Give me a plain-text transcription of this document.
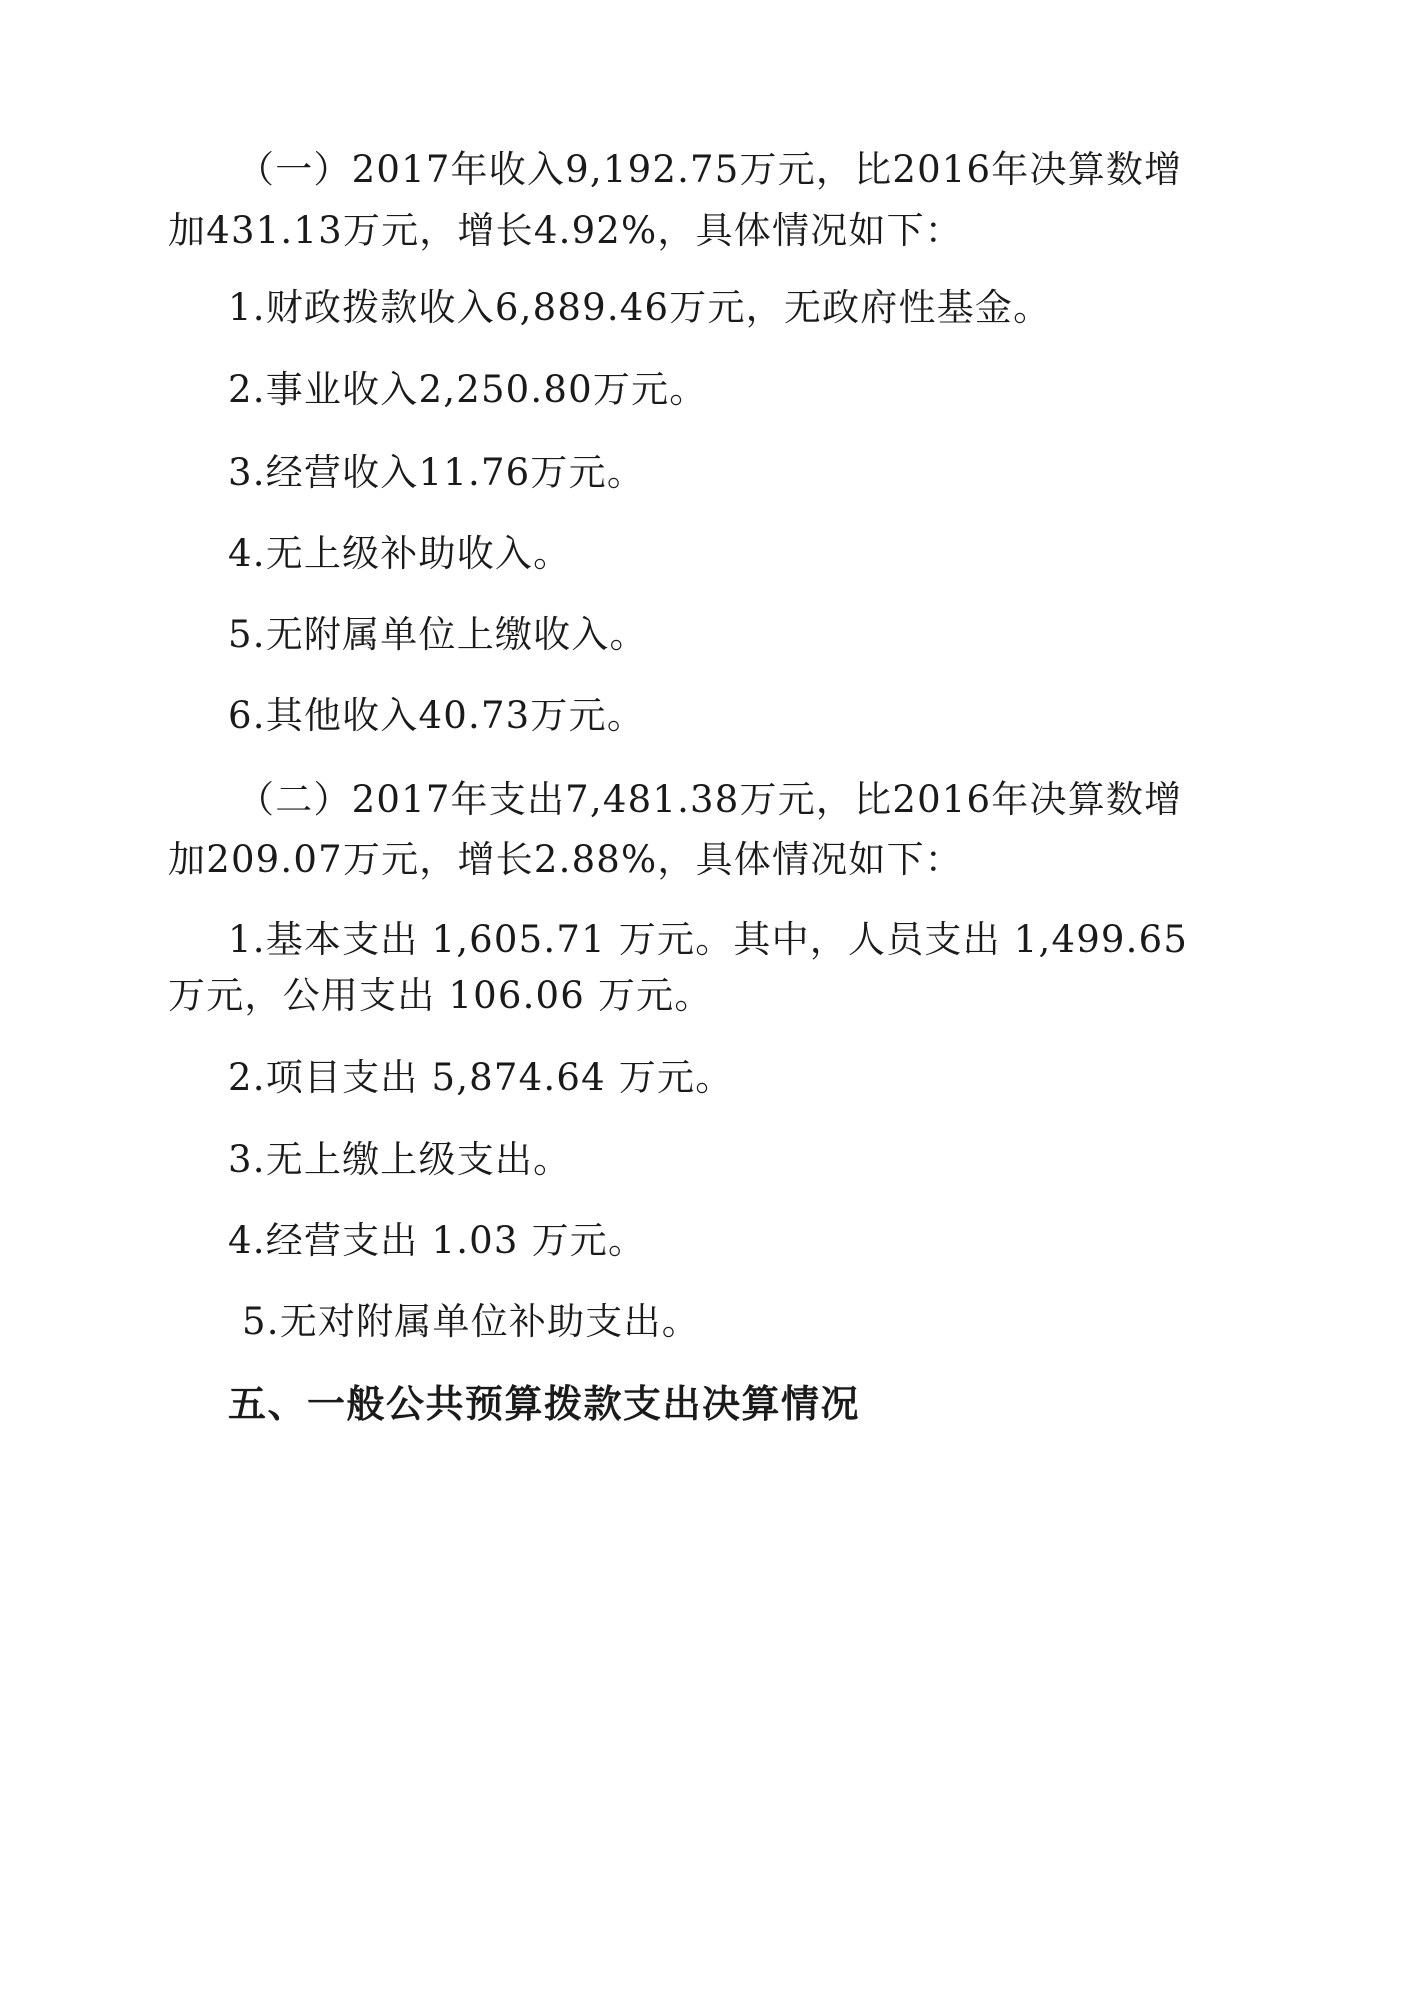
（一）2017年收入9,192.75万元，比2016年决算数增
加431.13万元，增长4.92%，具体情况如下：
1.财政拨款收入6,889.46万元，无政府性基金。
2.事业收入2,250.80万元。
3.经营收入11.76万元。
4.无上级补助收入。
5.无附属单位上缴收入。
6.其他收入40.73万元。
（二）2017年支出7,481.38万元，比2016年决算数增
加209.07万元，增长2.88%，具体情况如下：
1.基本支出 1,605.71 万元。其中，人员支出 1,499.65
万元，公用支出 106.06 万元。
2.项目支出 5,874.64 万元。
3.无上缴上级支出。
4.经营支出 1.03 万元。
5.无对附属单位补助支出。
五、一般公共预算拨款支出决算情况
